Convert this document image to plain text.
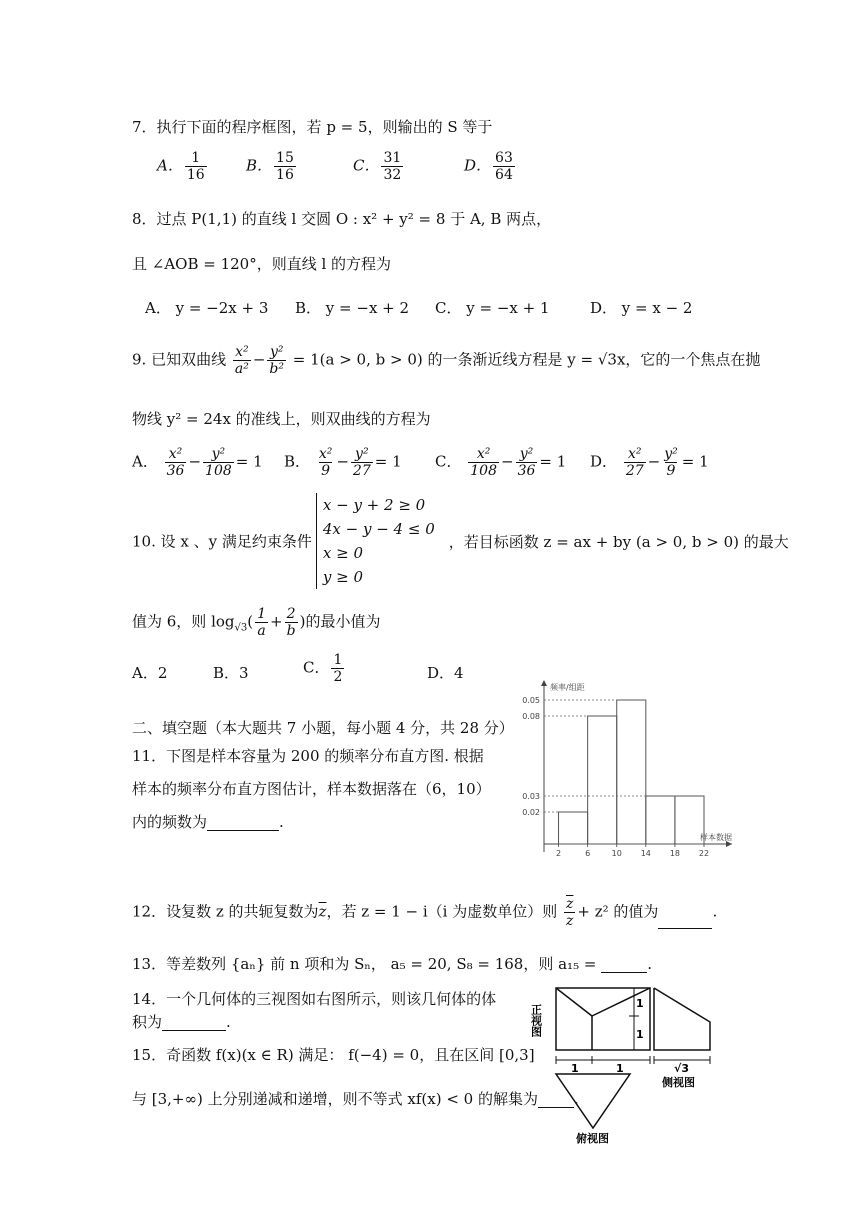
7．执行下面的程序框图，若 p = 5，则输出的 S 等于
A． $\frac{1}{16}$	B． $\frac{15}{16}$	C． $\frac{31}{32}$	D． $\frac{63}{64}$
8．过点 P(1,1) 的直线 l 交圆 O : x² + y² = 8 于 A, B 两点，
且 ∠AOB = 120°，则直线 l 的方程为
A． y = −2x + 3 B． y = −x + 2 C． y = −x + 1	D． y = x − 2
9. 已知双曲线 $\frac{\text{x²}}{\text{a²}} - \frac{\text{y²}}{\text{b²}} = 1(a > 0$, b > 0) 的一条渐近线方程是 y = √3x，它的一个焦点在抛
物线 y² = 24x 的准线上，则双曲线的方程为
A． $\frac{\text{x²}}{36} - \frac{\text{y²}}{108} = 1$ B． $\frac{\text{x²}}{9} - \frac{\text{y²}}{27} = 1$ C． $\frac{\text{x²}}{108} - \frac{\text{y²}}{36} = 1$ D． $\frac{\text{x²}}{27} - \frac{\text{y²}}{9} = 1$
10. 设 x 、y 满足约束条件
x − y + 2 ≥ 0
4x − y − 4 ≤ 0
x ≥ 0
y ≥ 0
，若目标函数 z = ax + by (a > 0, b > 0) 的最大
值为 6，则 $\log_{√3}( \frac{1}{a} + \frac{2}{b}$ )的最小值为
A．2	B．3	C． $\frac{1}{2}$	D．4
二、填空题（本大题共 7 小题，每小题 4 分，共 28 分）
11．下图是样本容量为 200 的频率分布直方图. 根据
样本的频率分布直方图估计，样本数据落在（6，10）
内的频数为	.
0.02
0.03
0.08
0.05
2	6	10 14 18 22
频率/组距
样本数据
12．设复数 z 的共轭复数为$\overline{z}$，若 z = 1 − i（i 为虚数单位）则 $\frac{\overline{z}}{z} + z^2$ 的值为	.
13．等差数列 {aₙ} 前 n 项和为 Sₙ， a₅ = 20, S₈ = 168，则 a₁₅ =	.
14．一个几何体的三视图如右图所示，则该几何体的体
积为	.
15．奇函数 f(x)(x ∈ R) 满足： f(−4) = 0，且在区间 [0,3]
与 [3,+∞) 上分别递减和递增，则不等式 xf(x) < 0 的解集为 .
正视图
1
1
1	1	√3
侧视图
俯视图
